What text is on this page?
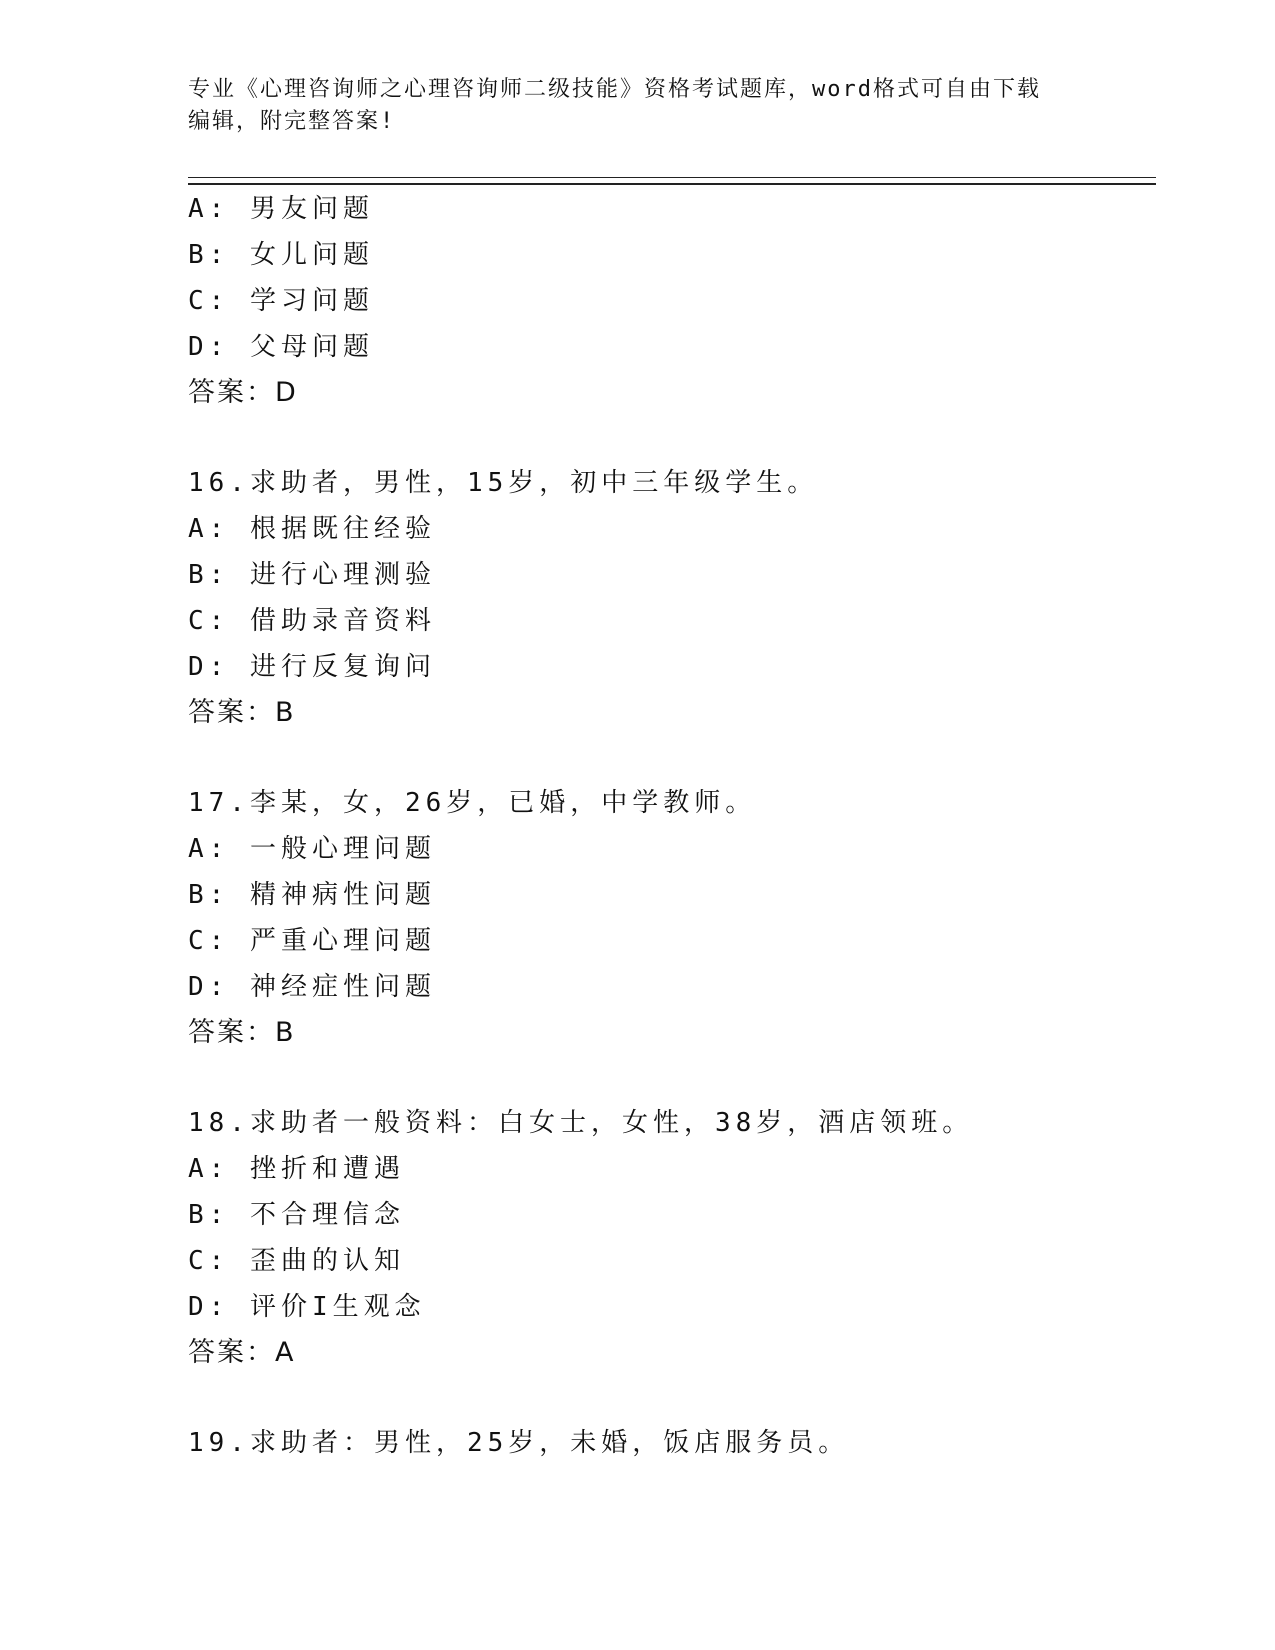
专业《心理咨询师之心理咨询师二级技能》资格考试题库，word格式可自由下载
编辑，附完整答案!
A: 男友问题
B: 女儿问题
C: 学习问题
D: 父母问题
答案：D
16.求助者，男性，15岁，初中三年级学生。
A: 根据既往经验
B: 进行心理测验
C: 借助录音资料
D: 进行反复询问
答案：B
17.李某，女，26岁，已婚，中学教师。
A: 一般心理问题
B: 精神病性问题
C: 严重心理问题
D: 神经症性问题
答案：B
18.求助者一般资料：白女士，女性，38岁，酒店领班。
A: 挫折和遭遇
B: 不合理信念
C: 歪曲的认知
D: 评价I生观念
答案：A
19.求助者：男性，25岁，未婚，饭店服务员。
